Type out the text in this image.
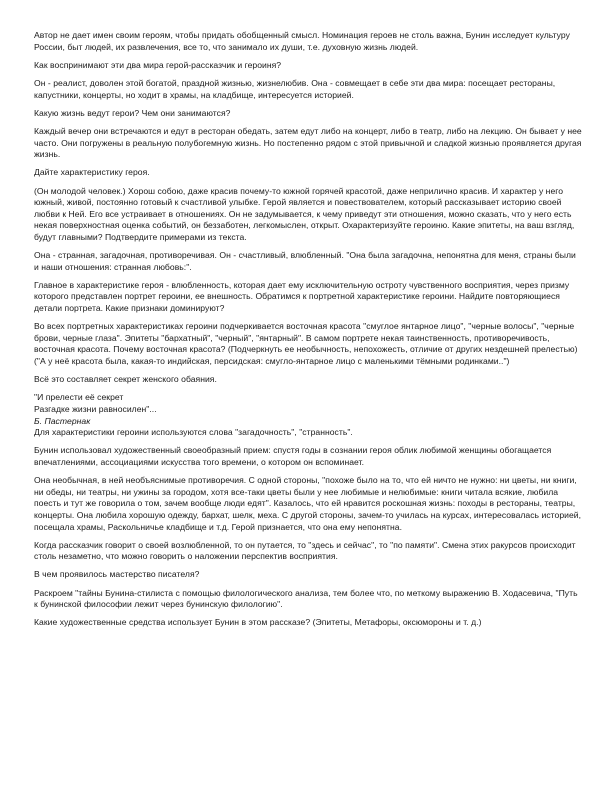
Автор не дает имен своим героям, чтобы придать обобщенный смысл. Номинация героев не столь важна, Бунин исследует культуру России, быт людей, их развлечения, все то, что занимало их души, т.е. духовную жизнь людей.

Как воспринимают эти два мира герой-рассказчик и героиня?

Он - реалист, доволен этой богатой, праздной жизнью, жизнелюбив. Она - совмещает в себе эти два мира: посещает рестораны, капустники, концерты, но ходит в храмы, на кладбище, интересуется историей.

Какую жизнь ведут герои? Чем они занимаются?

Каждый вечер они встречаются и едут в ресторан обедать, затем едут либо на концерт, либо в театр, либо на лекцию. Он бывает у нее часто. Они погружены в реальную полубогемную жизнь. Но постепенно рядом с этой привычной и сладкой жизнью проявляется другая жизнь.

Дайте характеристику героя.

(Он молодой человек.) Хорош собою, даже красив почему-то южной горячей красотой, даже неприлично красив. И характер у него южный, живой, постоянно готовый к счастливой улыбке. Герой является и повествователем, который рассказывает историю своей любви к Ней. Его все устраивает в отношениях. Он не задумывается, к чему приведут эти отношения, можно сказать, что у него есть некая поверхностная оценка событий, он беззаботен, легкомыслен, открыт. Охарактеризуйте героиню. Какие эпитеты, на ваш взгляд, будут главными? Подтвердите примерами из текста.

Она - странная, загадочная, противоречивая. Он - счастливый, влюбленный. "Она была загадочна, непонятна для меня, страны были и наши отношения: странная любовь:".

Главное в характеристике героя - влюбленность, которая дает ему исключительную остроту чувственного восприятия, через призму которого представлен портрет героини, ее внешность. Обратимся к портретной характеристике героини. Найдите повторяющиеся детали портрета. Какие признаки доминируют?

Во всех портретных характеристиках героини подчеркивается восточная красота "смуглое янтарное лицо", "черные волосы", "черные брови, черные глаза". Эпитеты "бархатный", "черный", "янтарный". В самом портрете некая таинственность, противоречивость, восточная красота. Почему восточная красота? (Подчеркнуть ее необычность, непохожесть, отличие от других нездешней прелестью) ("А у неё красота была, какая-то индийская, персидская: смугло-янтарное лицо с маленькими тёмными родинками..")

Всё это составляет секрет женского обаяния.

"И прелести её секрет
Разгадке жизни равносилен"...
Б. Пастернак
Для характеристики героини используются слова "загадочность", "странность".

Бунин использовал художественный своеобразный прием: спустя годы в сознании героя облик любимой женщины обогащается впечатлениями, ассоциациями искусства того времени, о котором он вспоминает.

Она необычная, в ней необъяснимые противоречия. С одной стороны, "похоже было на то, что ей ничто не нужно: ни цветы, ни книги, ни обеды, ни театры, ни ужины за городом, хотя все-таки цветы были у нее любимые и нелюбимые: книги читала всякие, любила поесть и тут же говорила о том, зачем вообще люди едят". Казалось, что ей нравится роскошная жизнь: походы в рестораны, театры, концерты. Она любила хорошую одежду, бархат, шелк, меха. С другой стороны, зачем-то училась на курсах, интересовалась историей, посещала храмы, Раскольничье кладбище и т.д. Герой признается, что она ему непонятна.

Когда рассказчик говорит о своей возлюбленной, то он путается, то "здесь и сейчас", то "по памяти". Смена этих ракурсов происходит столь незаметно, что можно говорить о наложении перспектив восприятия.

В чем проявилось мастерство писателя?

Раскроем "тайны Бунина-стилиста с помощью филологического анализа, тем более что, по меткому выражению В. Ходасевича, "Путь к бунинской философии лежит через бунинскую филологию".

Какие художественные средства использует Бунин в этом рассказе? (Эпитеты, Метафоры, оксюмороны и т. д.)
